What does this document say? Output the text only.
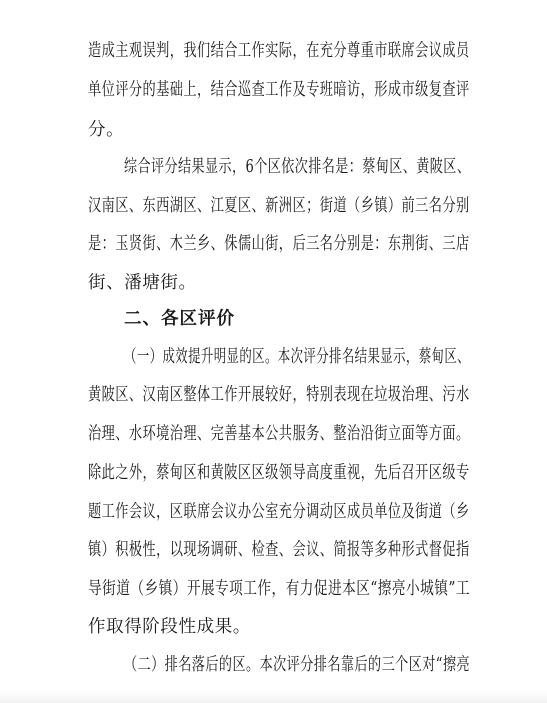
造成主观误判，我们结合工作实际，在充分尊重市联席会议成员
单位评分的基础上，结合巡查工作及专班暗访，形成市级复查评
分。
综合评分结果显示，6个区依次排名是：蔡甸区、黄陂区、
汉南区、东西湖区、江夏区、新洲区；街道（乡镇）前三名分别
是：玉贤街、木兰乡、侏儒山街，后三名分别是：东荆街、三店
街、潘塘街。
二、各区评价
（一）成效提升明显的区。本次评分排名结果显示，蔡甸区、
黄陂区、汉南区整体工作开展较好，特别表现在垃圾治理、污水
治理、水环境治理、完善基本公共服务、整治沿街立面等方面。
除此之外，蔡甸区和黄陂区区级领导高度重视，先后召开区级专
题工作会议，区联席会议办公室充分调动区成员单位及街道（乡
镇）积极性，以现场调研、检查、会议、简报等多种形式督促指
导街道（乡镇）开展专项工作，有力促进本区“擦亮小城镇”工
作取得阶段性成果。
（二）排名落后的区。本次评分排名靠后的三个区对“擦亮
